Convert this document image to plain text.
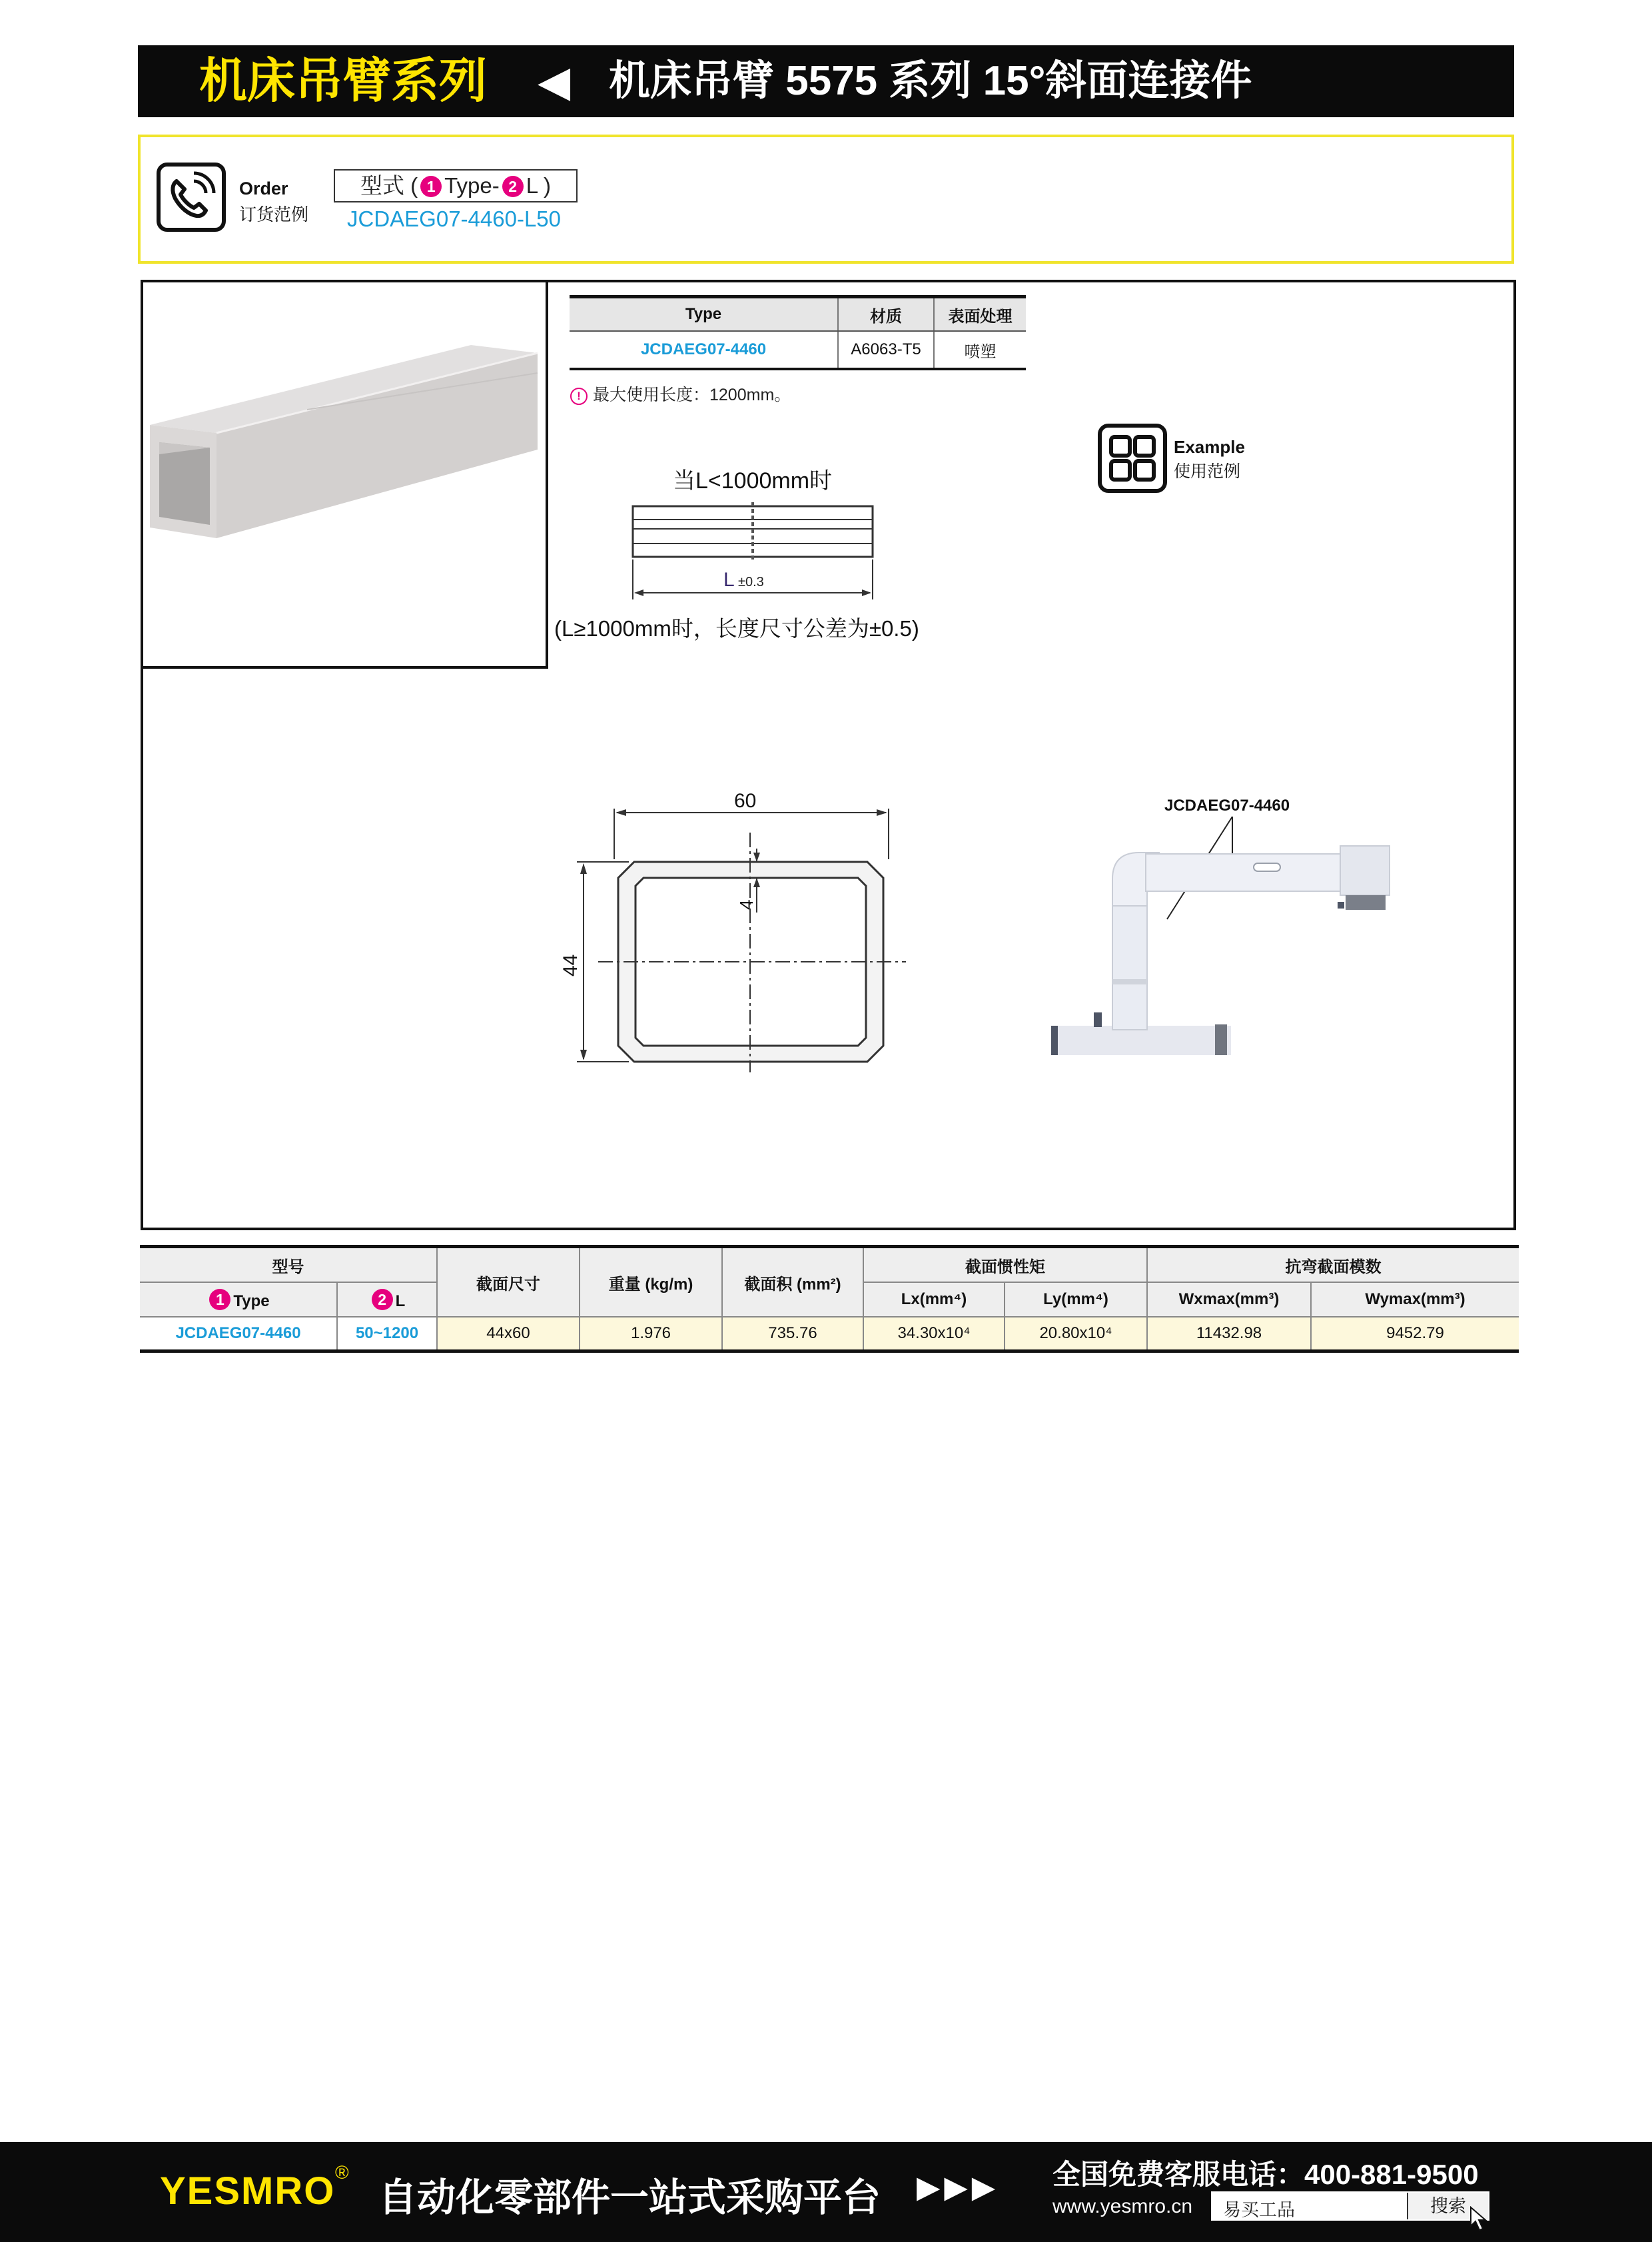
机床吊臂系列 ◀ 机床吊臂 5575 系列 15°斜面连接件
Order
订货范例
型式 ( 1 Type- 2 L )
JCDAEG07-4460-L50
Type	材质	表面处理
JCDAEG07-4460	A6063-T5	喷塑
! 最大使用长度：1200mm。
Example
使用范例
当L<1000mm时
L ±0.3
(L≥1000mm时，长度尺寸公差为±0.5)
60
44
4
JCDAEG07-4460
型号		截面尺寸	重量 (kg/m)	截面积 (mm²)	截面惯性矩		抗弯截面模数	
1 Type	2 L				Lx(mm⁴)	Ly(mm⁴)	Wxmax(mm³)	Wymax(mm³)
JCDAEG07-4460	50~1200	44x60	1.976	735.76	34.30x10⁴	20.80x10⁴	11432.98	9452.79
YESMRO ®
自动化零部件一站式采购平台 ▶▶▶ 全国免费客服电话：400-881-9500
www.yesmro.cn 易买工品	搜索
